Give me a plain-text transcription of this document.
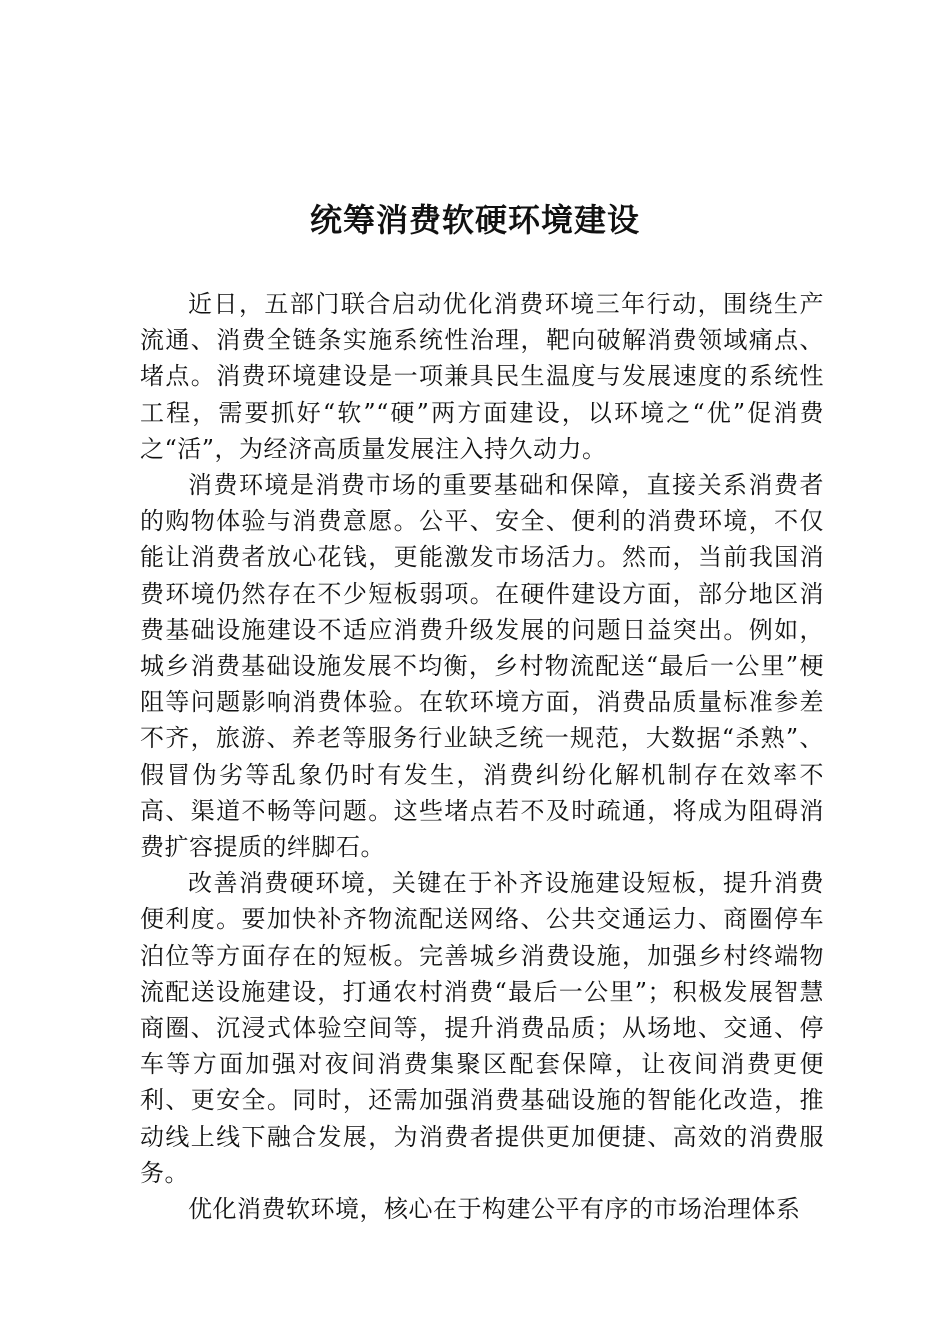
统筹消费软硬环境建设

近日，五部门联合启动优化消费环境三年行动，围绕生产流通、消费全链条实施系统性治理，靶向破解消费领域痛点、堵点。消费环境建设是一项兼具民生温度与发展速度的系统性工程，需要抓好“软”“硬”两方面建设，以环境之“优”促消费之“活”，为经济高质量发展注入持久动力。

消费环境是消费市场的重要基础和保障，直接关系消费者的购物体验与消费意愿。公平、安全、便利的消费环境，不仅能让消费者放心花钱，更能激发市场活力。然而，当前我国消费环境仍然存在不少短板弱项。在硬件建设方面，部分地区消费基础设施建设不适应消费升级发展的问题日益突出。例如，城乡消费基础设施发展不均衡，乡村物流配送“最后一公里”梗阻等问题影响消费体验。在软环境方面，消费品质量标准参差不齐，旅游、养老等服务行业缺乏统一规范，大数据“杀熟”、假冒伪劣等乱象仍时有发生，消费纠纷化解机制存在效率不高、渠道不畅等问题。这些堵点若不及时疏通，将成为阻碍消费扩容提质的绊脚石。

改善消费硬环境，关键在于补齐设施建设短板，提升消费便利度。要加快补齐物流配送网络、公共交通运力、商圈停车泊位等方面存在的短板。完善城乡消费设施，加强乡村终端物流配送设施建设，打通农村消费“最后一公里”；积极发展智慧商圈、沉浸式体验空间等，提升消费品质；从场地、交通、停车等方面加强对夜间消费集聚区配套保障，让夜间消费更便利、更安全。同时，还需加强消费基础设施的智能化改造，推动线上线下融合发展，为消费者提供更加便捷、高效的消费服务。

优化消费软环境，核心在于构建公平有序的市场治理体系
